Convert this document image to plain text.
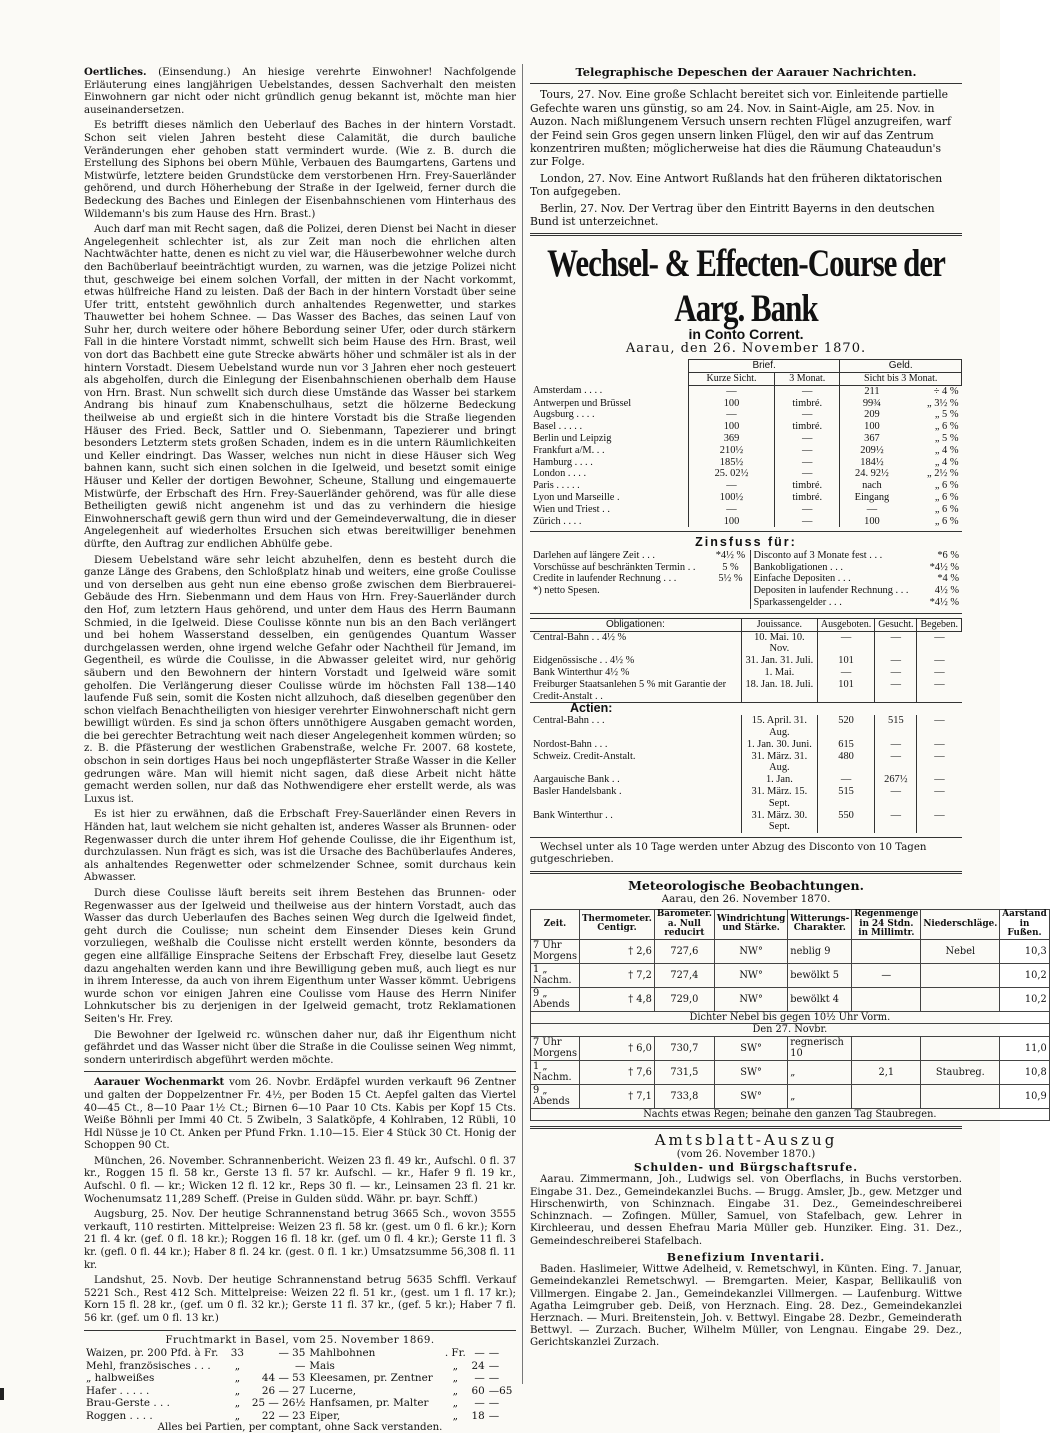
Oertliches. (Einsendung.) An hiesige verehrte Einwohner! Nachfolgende Erläuterung eines langjährigen Uebelstandes, dessen Sachverhalt den meisten Einwohnern gar nicht oder nicht gründlich genug bekannt ist, möchte man hier auseinandersetzen.

Es betrifft dieses nämlich den Ueberlauf des Baches in der hintern Vorstadt. Schon seit vielen Jahren besteht diese Calamität, die durch bauliche Veränderungen eher gehoben statt vermindert wurde. (Wie z. B. durch die Erstellung des Siphons bei obern Mühle, Verbauen des Baumgartens, Gartens und Mistwürfe, letztere beiden Grundstücke dem verstorbenen Hrn. Frey-Sauerländer gehörend, und durch Höherhebung der Straße in der Igelweid, ferner durch die Bedeckung des Baches und Einlegen der Eisenbahnschienen vom Hinterhaus des Wildemann's bis zum Hause des Hrn. Brast.)

Auch darf man mit Recht sagen, daß die Polizei, deren Dienst bei Nacht in dieser Angelegenheit schlechter ist, als zur Zeit man noch die ehrlichen alten Nachtwächter hatte, denen es nicht zu viel war, die Häuserbewohner welche durch den Bachüberlauf beeinträchtigt wurden, zu warnen, was die jetzige Polizei nicht thut, geschweige bei einem solchen Vorfall, der mitten in der Nacht vorkommt, etwas hülfreiche Hand zu leisten. Daß der Bach in der hintern Vorstadt über seine Ufer tritt, entsteht gewöhnlich durch anhaltendes Regenwetter, und starkes Thauwetter bei hohem Schnee. — Das Wasser des Baches, das seinen Lauf von Suhr her, durch weitere oder höhere Bebordung seiner Ufer, oder durch stärkern Fall in die hintere Vorstadt nimmt, schwellt sich beim Hause des Hrn. Brast, weil von dort das Bachbett eine gute Strecke abwärts höher und schmäler ist als in der hintern Vorstadt. Diesem Uebelstand wurde nun vor 3 Jahren eher noch gesteuert als abgeholfen, durch die Einlegung der Eisenbahnschienen oberhalb dem Hause von Hrn. Brast. Nun schwellt sich durch diese Umstände das Wasser bei starkem Andrang bis hinauf zum Knabenschulhaus, setzt die hölzerne Bedeckung theilweise ab und ergießt sich in die hintere Vorstadt bis die Straße liegenden Häuser des Fried. Beck, Sattler und O. Siebenmann, Tapezierer und bringt besonders Letzterm stets großen Schaden, indem es in die untern Räumlichkeiten und Keller eindringt. Das Wasser, welches nun nicht in diese Häuser sich Weg bahnen kann, sucht sich einen solchen in die Igelweid, und besetzt somit einige Häuser und Keller der dortigen Bewohner, Scheune, Stallung und eingemauerte Mistwürfe, der Erbschaft des Hrn. Frey-Sauerländer gehörend, was für alle diese Betheiligten gewiß nicht angenehm ist und das zu verhindern die hiesige Einwohnerschaft gewiß gern thun wird und der Gemeindeverwaltung, die in dieser Angelegenheit auf wiederholtes Ersuchen sich etwas bereitwilliger benehmen dürfte, den Auftrag zur endlichen Abhülfe gebe.

Diesem Uebelstand wäre sehr leicht abzuhelfen, denn es besteht durch die ganze Länge des Grabens, den Schloßplatz hinab und weiters, eine große Coulisse und von derselben aus geht nun eine ebenso große zwischen dem Bierbrauerei-Gebäude des Hrn. Siebenmann und dem Haus von Hrn. Frey-Sauerländer durch den Hof, zum letztern Haus gehörend, und unter dem Haus des Herrn Baumann Schmied, in die Igelweid. Diese Coulisse könnte nun bis an den Bach verlängert und bei hohem Wasserstand desselben, ein genügendes Quantum Wasser durchgelassen werden, ohne irgend welche Gefahr oder Nachtheil für Jemand, im Gegentheil, es würde die Coulisse, in die Abwasser geleitet wird, nur gehörig säubern und den Bewohnern der hintern Vorstadt und Igelweid wäre somit geholfen. Die Verlängerung dieser Coulisse würde im höchsten Fall 138—140 laufende Fuß sein, somit die Kosten nicht allzuhoch, daß dieselben gegenüber den schon vielfach Benachtheiligten von hiesiger verehrter Einwohnerschaft nicht gern bewilligt würden. Es sind ja schon öfters unnöthigere Ausgaben gemacht worden, die bei gerechter Betrachtung weit nach dieser Angelegenheit kommen würden; so z. B. die Pfästerung der westlichen Grabenstraße, welche Fr. 2007. 68 kostete, obschon in sein dortiges Haus bei noch ungepflästerter Straße Wasser in die Keller gedrungen wäre. Man will hiemit nicht sagen, daß diese Arbeit nicht hätte gemacht werden sollen, nur daß das Nothwendigere eher erstellt werde, als was Luxus ist.

Es ist hier zu erwähnen, daß die Erbschaft Frey-Sauerländer einen Revers in Händen hat, laut welchem sie nicht gehalten ist, anderes Wasser als Brunnen- oder Regenwasser durch die unter ihrem Hof gehende Coulisse, die ihr Eigenthum ist, durchzulassen. Nun frägt es sich, was ist die Ursache des Bachüberlaufes Anderes, als anhaltendes Regenwetter oder schmelzender Schnee, somit durchaus kein Abwasser.

Durch diese Coulisse läuft bereits seit ihrem Bestehen das Brunnen- oder Regenwasser aus der Igelweid und theilweise aus der hintern Vorstadt, auch das Wasser das durch Ueberlaufen des Baches seinen Weg durch die Igelweid findet, geht durch die Coulisse; nun scheint dem Einsender Dieses kein Grund vorzuliegen, weßhalb die Coulisse nicht erstellt werden könnte, besonders da gegen eine allfällige Einsprache Seitens der Erbschaft Frey, dieselbe laut Gesetz dazu angehalten werden kann und ihre Bewilligung geben muß, auch liegt es nur in ihrem Interesse, da auch von ihrem Eigenthum unter Wasser kömmt. Uebrigens wurde schon vor einigen Jahren eine Coulisse vom Hause des Herrn Ninifer Lohnkutscher bis zu derjenigen in der Igelweid gemacht, trotz Reklamationen Seiten's Hr. Frey.

Die Bewohner der Igelweid rc. wünschen daher nur, daß ihr Eigenthum nicht gefährdet und das Wasser nicht über die Straße in die Coulisse seinen Weg nimmt, sondern unterirdisch abgeführt werden möchte.

Aarauer Wochenmarkt vom 26. Novbr. Erdäpfel wurden verkauft 96 Zentner und galten der Doppelzentner Fr. 4½, per Boden 15 Ct. Aepfel galten das Viertel 40—45 Ct., 8—10 Paar 1½ Ct.; Birnen 6—10 Paar 10 Cts. Kabis per Kopf 15 Cts. Weiße Böhnli per Immi 40 Ct. 5 Zwibeln, 3 Salatköpfe, 4 Kohlraben, 12 Rübli, 10 Hdl Nüsse je 10 Ct. Anken per Pfund Frkn. 1.10—15. Eier 4 Stück 30 Ct. Honig der Schoppen 90 Ct.

München, 26. November. Schrannenbericht. Weizen 23 fl. 49 kr., Aufschl. 0 fl. 37 kr., Roggen 15 fl. 58 kr., Gerste 13 fl. 57 kr. Aufschl. — kr., Hafer 9 fl. 19 kr., Aufschl. 0 fl. — kr.; Wicken 12 fl. 12 kr., Reps 30 fl. — kr., Leinsamen 23 fl. 21 kr. Wochenumsatz 11,289 Scheff. (Preise in Gulden südd. Währ. pr. bayr. Schff.)

Augsburg, 25. Nov. Der heutige Schrannenstand betrug 3665 Sch., wovon 3555 verkauft, 110 restirten. Mittelpreise: Weizen 23 fl. 58 kr. (gest. um 0 fl. 6 kr.); Korn 21 fl. 4 kr. (gef. 0 fl. 18 kr.); Roggen 16 fl. 18 kr. (gef. um 0 fl. 4 kr.); Gerste 11 fl. 3 kr. (gefl. 0 fl. 44 kr.); Haber 8 fl. 24 kr. (gest. 0 fl. 1 kr.) Umsatzsumme 56,308 fl. 11 kr.

Landshut, 25. Novb. Der heutige Schrannenstand betrug 5635 Schffl. Verkauf 5221 Sch., Rest 412 Sch. Mittelpreise: Weizen 22 fl. 51 kr., (gest. um 1 fl. 17 kr.); Korn 15 fl. 28 kr., (gef. um 0 fl. 32 kr.); Gerste 11 fl. 37 kr., (gef. 5 kr.); Haber 7 fl. 56 kr. (gef. um 0 fl. 13 kr.)

Fruchtmarkt in Basel, vom 25. November 1869.
Waizen, pr. 200 Pfd. à Fr.	33	— 35	Mahlbohnen	. Fr.	—	—
Mehl, französisches . . .	„	—	Mais	„	24	—
„ halbweißes	„	44 — 53	Kleesamen, pr. Zentner	„	—	—
Hafer . . . . .	„	26 — 27	Lucerne,	„	60	—65
Brau-Gerste . . .	„	25 — 26½	Hanfsamen, pr. Malter	„	—	—
Roggen . . . .	„	22 — 23	Eiper,	„	18	—
Alles bei Partien, per comptant, ohne Sack verstanden.
Telegraphische Depeschen der Aarauer Nachrichten.

Tours, 27. Nov. Eine große Schlacht bereitet sich vor. Einleitende partielle Gefechte waren uns günstig, so am 24. Nov. in Saint-Aigle, am 25. Nov. in Auzon. Nach mißlungenem Versuch unsern rechten Flügel anzugreifen, warf der Feind sein Gros gegen unsern linken Flügel, den wir auf das Zentrum konzentriren mußten; möglicherweise hat dies die Räumung Chateaudun's zur Folge.

London, 27. Nov. Eine Antwort Rußlands hat den früheren diktatorischen Ton aufgegeben.

Berlin, 27. Nov. Der Vertrag über den Eintritt Bayerns in den deutschen Bund ist unterzeichnet.

Wechsel- & Effecten-Course der Aarg. Bank
in Conto Corrent.
Aarau, den 26. November 1870.
	Brief.		Geld.	
	Kurze Sicht.	3 Monat.	Sicht bis 3 Monat.	
Amsterdam . . . .	—	—	211	÷ 4 %
Antwerpen und Brüssel	100	timbré.	99¾	„ 3½ %
Augsburg . . . .	—	—	209	„ 5 %
Basel . . . . .	100	timbré.	100	„ 6 %
Berlin und Leipzig	369	—	367	„ 5 %
Frankfurt a/M. . .	210½	—	209½	„ 4 %
Hamburg . . . .	185½	—	184½	„ 4 %
London . . . .	25. 02½	—	24. 92½	„ 2½ %
Paris . . . . .	—	timbré.	nach	„ 6 %
Lyon und Marseille .	100½	timbré.	Eingang	„ 6 %
Wien und Triest . .	—	—	—	„ 6 %
Zürich . . . .	100	—	100	„ 6 %
Zinsfuss für:
Darlehen auf längere Zeit . . .	*4½ %	Disconto auf 3 Monate fest . . .	*6 %
Vorschüsse auf beschränkten Termin . .	5 %	Bankobligationen . . .	*4½ %
Credite in laufender Rechnung . . .	5½ %	Einfache Depositen . . .	*4 %
*) netto Spesen.		Depositen in laufender Rechnung . . .	4½ %
		Sparkassengelder . . .	*4½ %
Obligationen:	Jouissance.	Ausgeboten.	Gesucht.	Begeben.
Central-Bahn . . 4½ %	10. Mai. 10. Nov.	—	—	—
Eidgenössische . . 4½ %	31. Jan. 31. Juli.	101	—	—
Bank Winterthur 4½ %	1. Mai.	—	—	—
Freiburger Staatsanlehen 5 % mit Garantie der Credit-Anstalt . .	18. Jan. 18. Juli.	101	—	—
Actien:				
Central-Bahn . . .	15. April. 31. Aug.	520	515	—
Nordost-Bahn . . .	1. Jan. 30. Juni.	615	—	—
Schweiz. Credit-Anstalt.	31. März. 31. Aug.	480	—	—
Aargauische Bank . .	1. Jan.	—	267½	—
Basler Handelsbank .	31. März. 15. Sept.	515	—	—
Bank Winterthur . .	31. März. 30. Sept.	550	—	—

Wechsel unter als 10 Tage werden unter Abzug des Disconto von 10 Tagen gutgeschrieben.

Meteorologische Beobachtungen.
Aarau, den 26. November 1870.
Zeit.	Thermometer. Centigr.	Barometer. a. Null reducirt	Windrichtung und Stärke.	Witterungs-Charakter.	Regenmenge in 24 Stdn. in Millimtr.	Niederschläge.	Aarstand in Fußen.
7 Uhr Morgens	† 2,6	727,6	NW°	neblig 9		Nebel	10,3
1 „ Nachm.	† 7,2	727,4	NW°	bewölkt 5	—		10,2
9 „ Abends	† 4,8	729,0	NW°	bewölkt 4			10,2
Dichter Nebel bis gegen 10½ Uhr Vorm.							
Den 27. Novbr.							
7 Uhr Morgens	† 6,0	730,7	SW°	regnerisch 10			11,0
1 „ Nachm.	† 7,6	731,5	SW°	„	2,1	Staubreg.	10,8
9 „ Abends	† 7,1	733,8	SW°	„			10,9
Nachts etwas Regen; beinahe den ganzen Tag Staubregen.							
Amtsblatt-Auszug
(vom 26. November 1870.)
Schulden- und Bürgschaftsrufe.

Aarau. Zimmermann, Joh., Ludwigs sel. von Oberflachs, in Buchs verstorben. Eingabe 31. Dez., Gemeindekanzlei Buchs. — Brugg. Amsler, Jb., gew. Metzger und Hirschenwirth, von Schinznach. Eingabe 31. Dez., Gemeindeschreiberei Schinznach. — Zofingen. Müller, Samuel, von Stafelbach, gew. Lehrer in Kirchleerau, und dessen Ehefrau Maria Müller geb. Hunziker. Eing. 31. Dez., Gemeindeschreiberei Stafelbach.

Benefizium Inventarii.

Baden. Haslimeier, Wittwe Adelheid, v. Remetschwyl, in Künten. Eing. 7. Januar, Gemeindekanzlei Remetschwyl. — Bremgarten. Meier, Kaspar, Bellikauliß von Villmergen. Eingabe 2. Jan., Gemeindekanzlei Villmergen. — Laufenburg. Wittwe Agatha Leimgruber geb. Deiß, von Herznach. Eing. 28. Dez., Gemeindekanzlei Herznach. — Muri. Breitenstein, Joh. v. Bettwyl. Eingabe 28. Dezbr., Gemeinderath Bettwyl. — Zurzach. Bucher, Wilhelm Müller, von Lengnau. Eingabe 29. Dez., Gerichtskanzlei Zurzach.
